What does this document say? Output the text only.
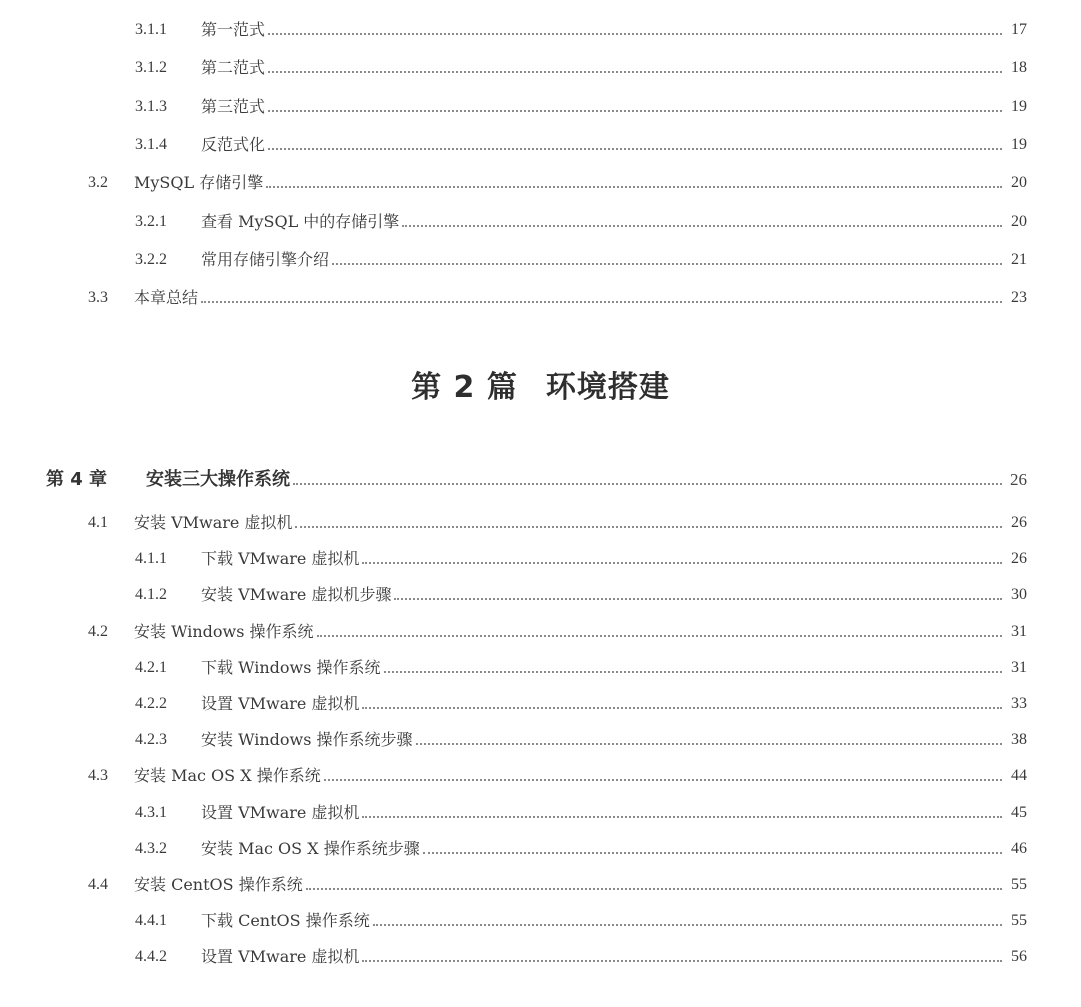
3.1.1	第一范式	17
3.1.2	第二范式	18
3.1.3	第三范式	19
3.1.4	反范式化	19
3.2	MySQL 存储引擎	20
3.2.1	查看 MySQL 中的存储引擎	20
3.2.2	常用存储引擎介绍	21
3.3	本章总结	23
第 2 篇 环境搭建
第 4 章	安装三大操作系统	26
4.1	安装 VMware 虚拟机	26
4.1.1	下载 VMware 虚拟机	26
4.1.2	安装 VMware 虚拟机步骤	30
4.2	安装 Windows 操作系统	31
4.2.1	下载 Windows 操作系统	31
4.2.2	设置 VMware 虚拟机	33
4.2.3	安装 Windows 操作系统步骤	38
4.3	安装 Mac OS X 操作系统	44
4.3.1	设置 VMware 虚拟机	45
4.3.2	安装 Mac OS X 操作系统步骤	46
4.4	安装 CentOS 操作系统	55
4.4.1	下载 CentOS 操作系统	55
4.4.2	设置 VMware 虚拟机	56
